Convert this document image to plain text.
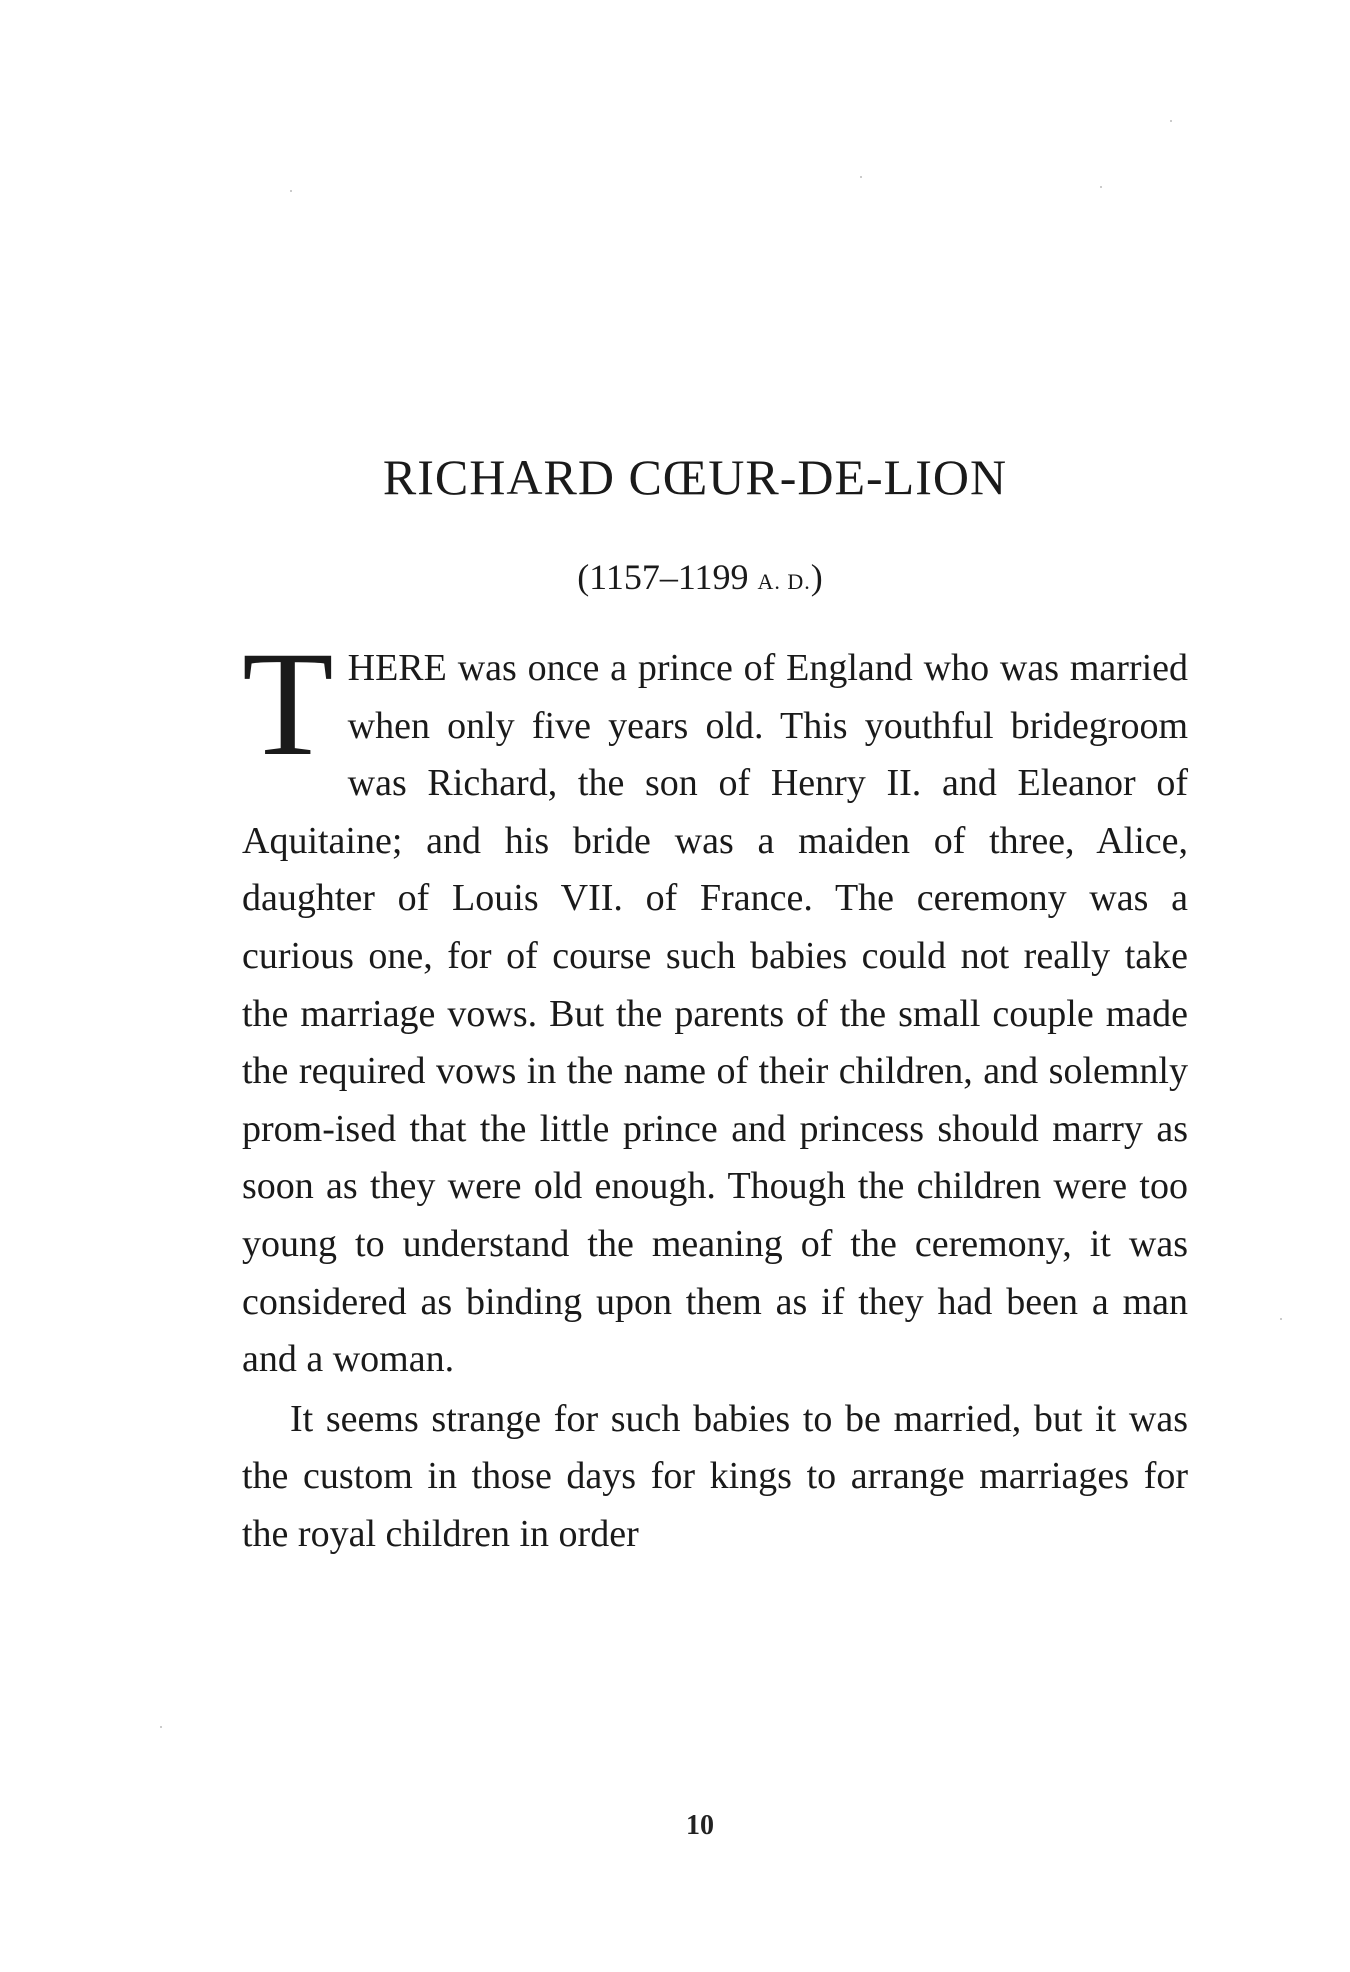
RICHARD CŒUR-DE-LION
(1157–1199 A. D.)

THERE was once a prince of England who was married when only five years old. This youthful bridegroom was Richard, the son of Henry II. and Eleanor of Aquitaine; and his bride was a maiden of three, Alice, daughter of Louis VII. of France. The ceremony was a curious one, for of course such babies could not really take the marriage vows. But the parents of the small couple made the required vows in the name of their children, and solemnly prom-ised that the little prince and princess should marry as soon as they were old enough. Though the children were too young to understand the meaning of the ceremony, it was considered as binding upon them as if they had been a man and a woman.

It seems strange for such babies to be married, but it was the custom in those days for kings to arrange marriages for the royal children in order

10
